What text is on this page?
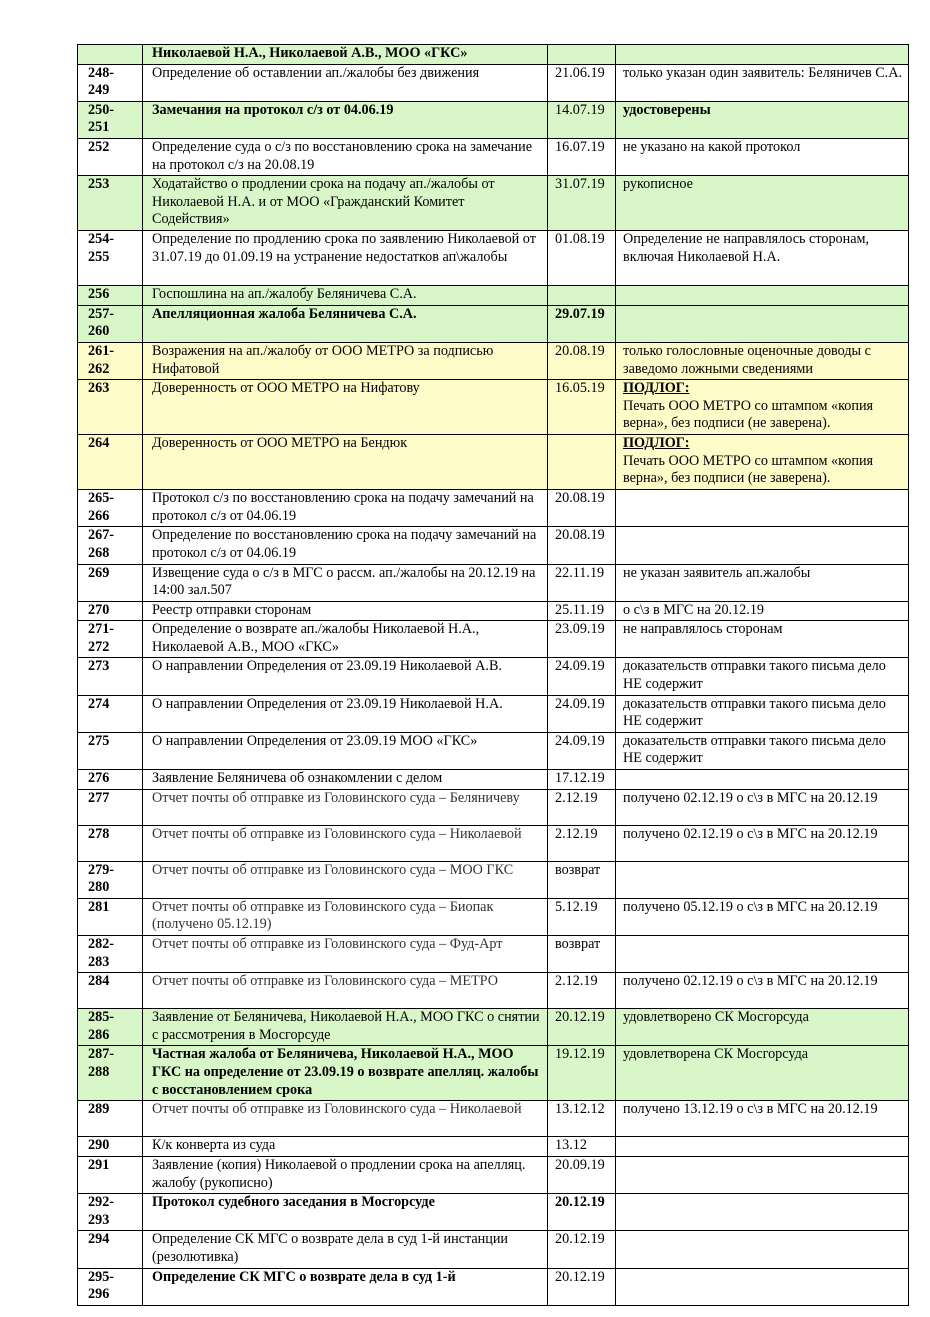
	Николаевой Н.А., Николаевой А.В., МОО «ГКС»		
248-
249	Определение об оставлении ап./жалобы без движения	21.06.19	только указан один заявитель: Беляничев С.А.
250-
251	Замечания на протокол с/з от 04.06.19	14.07.19	удостоверены
252	Определение суда о с/з по восстановлению срока на замечание на протокол с/з на 20.08.19	16.07.19	не указано на какой протокол
253	Ходатайство о продлении срока на подачу ап./жалобы от Николаевой Н.А. и от МОО «Гражданский Комитет Содействия»	31.07.19	рукописное
254-
255	Определение по продлению срока по заявлению Николаевой от 31.07.19 до 01.09.19 на устранение недостатков ап\жалобы	01.08.19	Определение не направлялось сторонам, включая Николаевой Н.А.
256	Госпошлина на ап./жалобу Беляничева С.А.		
257-
260	Апелляционная жалоба Беляничева С.А.	29.07.19	
261-
262	Возражения на ап./жалобу от ООО МЕТРО за подписью Нифатовой	20.08.19	только голословные оценочные доводы с заведомо ложными сведениями
263	Доверенность от ООО МЕТРО на Нифатову	16.05.19	ПОДЛОГ:
Печать ООО МЕТРО со штампом «копия верна», без подписи (не заверена).
264	Доверенность от ООО МЕТРО на Бендюк		ПОДЛОГ:
Печать ООО МЕТРО со штампом «копия верна», без подписи (не заверена).
265-
266	Протокол с/з по восстановлению срока на подачу замечаний на протокол с/з от 04.06.19	20.08.19	
267-
268	Определение по восстановлению срока на подачу замечаний на протокол с/з от 04.06.19	20.08.19	
269	Извещение суда о с/з в МГС о рассм. ап./жалобы на 20.12.19 на 14:00 зал.507	22.11.19	не указан заявитель ап.жалобы
270	Реестр отправки сторонам	25.11.19	о с\з в МГС на 20.12.19
271-
272	Определение о возврате ап./жалобы Николаевой Н.А., Николаевой А.В., МОО «ГКС»	23.09.19	не направлялось сторонам
273	О направлении Определения от 23.09.19 Николаевой А.В.	24.09.19	доказательств отправки такого письма дело НЕ содержит
274	О направлении Определения от 23.09.19 Николаевой Н.А.	24.09.19	доказательств отправки такого письма дело НЕ содержит
275	О направлении Определения от 23.09.19 МОО «ГКС»	24.09.19	доказательств отправки такого письма дело НЕ содержит
276	Заявление Беляничева об ознакомлении с делом	17.12.19	
277	Отчет почты об отправке из Головинского суда – Беляничеву	2.12.19	получено 02.12.19 о с\з в МГС на 20.12.19
278	Отчет почты об отправке из Головинского суда – Николаевой	2.12.19	получено 02.12.19 о с\з в МГС на 20.12.19
279-
280	Отчет почты об отправке из Головинского суда – МОО ГКС	возврат	
281	Отчет почты об отправке из Головинского суда – Биопак (получено 05.12.19)	5.12.19	получено 05.12.19 о с\з в МГС на 20.12.19
282-
283	Отчет почты об отправке из Головинского суда – Фуд-Арт	возврат	
284	Отчет почты об отправке из Головинского суда – МЕТРО	2.12.19	получено 02.12.19 о с\з в МГС на 20.12.19
285-
286	Заявление от Беляничева, Николаевой Н.А., МОО ГКС о снятии с рассмотрения в Мосгорсуде	20.12.19	удовлетворено СК Мосгорсуда
287-
288	Частная жалоба от Беляничева, Николаевой Н.А., МОО ГКС на определение от 23.09.19 о возврате апелляц. жалобы с восстановлением срока	19.12.19	удовлетворена СК Мосгорсуда
289	Отчет почты об отправке из Головинского суда – Николаевой	13.12.12	получено 13.12.19 о с\з в МГС на 20.12.19
290	К/к конверта из суда	13.12	
291	Заявление (копия) Николаевой о продлении срока на апелляц. жалобу (рукописно)	20.09.19	
292-
293	Протокол судебного заседания в Мосгорсуде	20.12.19	
294	Определение СК МГС о возврате дела в суд 1-й инстанции (резолютивка)	20.12.19	
295-
296	Определение СК МГС о возврате дела в суд 1-й	20.12.19	
